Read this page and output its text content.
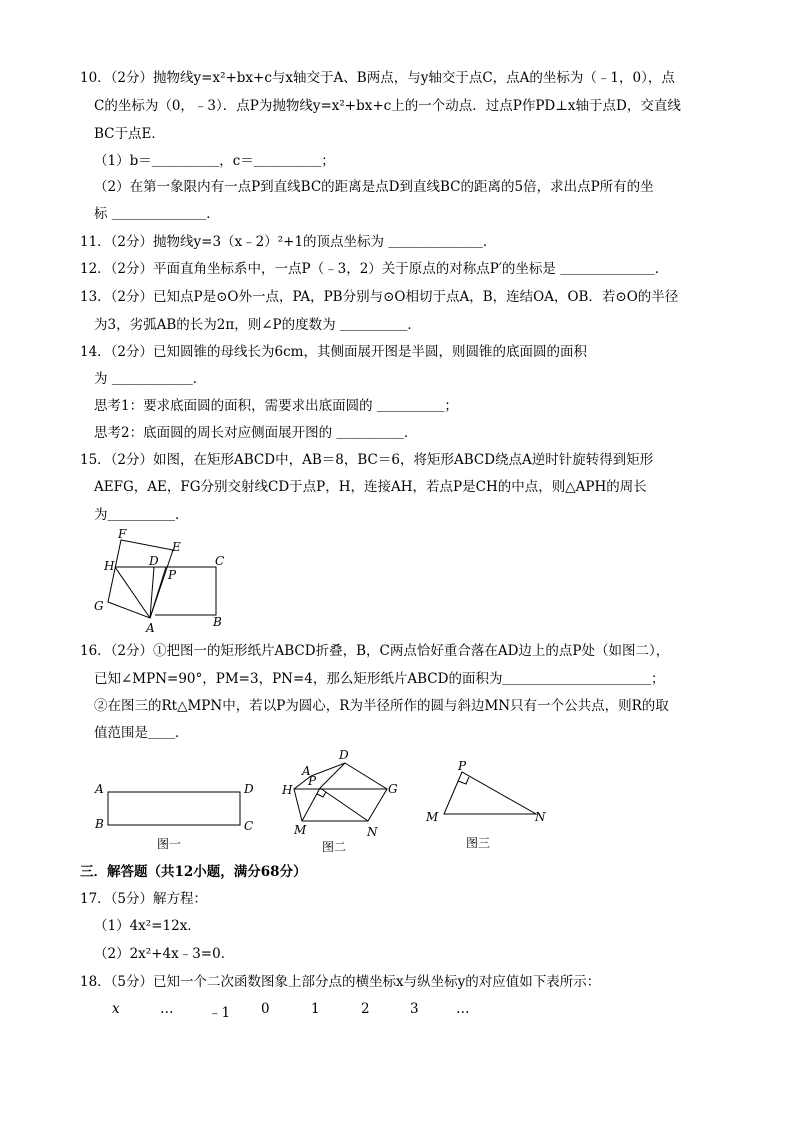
10．（2分）抛物线y=x²+bx+c与x轴交于A、B两点，与y轴交于点C，点A的坐标为（﹣1，0），点
C的坐标为（0，﹣3）．点P为抛物线y=x²+bx+c上的一个动点．过点P作PD⊥x轴于点D，交直线
BC于点E．
（1）b＝＿＿＿＿＿，c＝＿＿＿＿＿；
（2）在第一象限内有一点P到直线BC的距离是点D到直线BC的距离的5倍，求出点P所有的坐
标 ＿＿＿＿＿＿＿．
11．（2分）抛物线y=3（x﹣2）²+1的顶点坐标为 ＿＿＿＿＿＿＿．
12．（2分）平面直角坐标系中，一点P（﹣3，2）关于原点的对称点P′的坐标是 ＿＿＿＿＿＿＿．
13．（2分）已知点P是⊙O外一点，PA，PB分别与⊙O相切于点A，B，连结OA，OB．若⊙O的半径
为3，劣弧AB的长为2π，则∠P的度数为 ＿＿＿＿＿．
14．（2分）已知圆锥的母线长为6cm，其侧面展开图是半圆，则圆锥的底面圆的面积
为 ＿＿＿＿＿＿．
思考1：要求底面圆的面积，需要求出底面圆的 ＿＿＿＿＿；
思考2：底面圆的周长对应侧面展开图的 ＿＿＿＿＿．
15．（2分）如图，在矩形ABCD中，AB＝8，BC＝6，将矩形ABCD绕点A逆时针旋转得到矩形
AEFG，AE，FG分别交射线CD于点P，H，连接AH，若点P是CH的中点，则△APH的周长
为＿＿＿＿＿．
F
E
H	D	C
P
G
B
A
16．（2分）①把图一的矩形纸片ABCD折叠，B，C两点恰好重合落在AD边上的点P处（如图二），
已知∠MPN=90°，PM=3，PN=4，那么矩形纸片ABCD的面积为＿＿＿＿＿＿＿＿＿＿＿；
②在图三的Rt△MPN中，若以P为圆心，R为半径所作的圆与斜边MN只有一个公共点，则R的取
值范围是＿＿．
A	D
B	C
图一
D
A
P
H	G
M	N
图二
P
M	N
图三
三．解答题（共12小题，满分68分）
17．（5分）解方程：
（1）4x²=12x．
（2）2x²+4x﹣3=0．
18．（5分）已知一个二次函数图象上部分点的横坐标x与纵坐标y的对应值如下表所示：
x	…	﹣1 0	1	2	3	…
